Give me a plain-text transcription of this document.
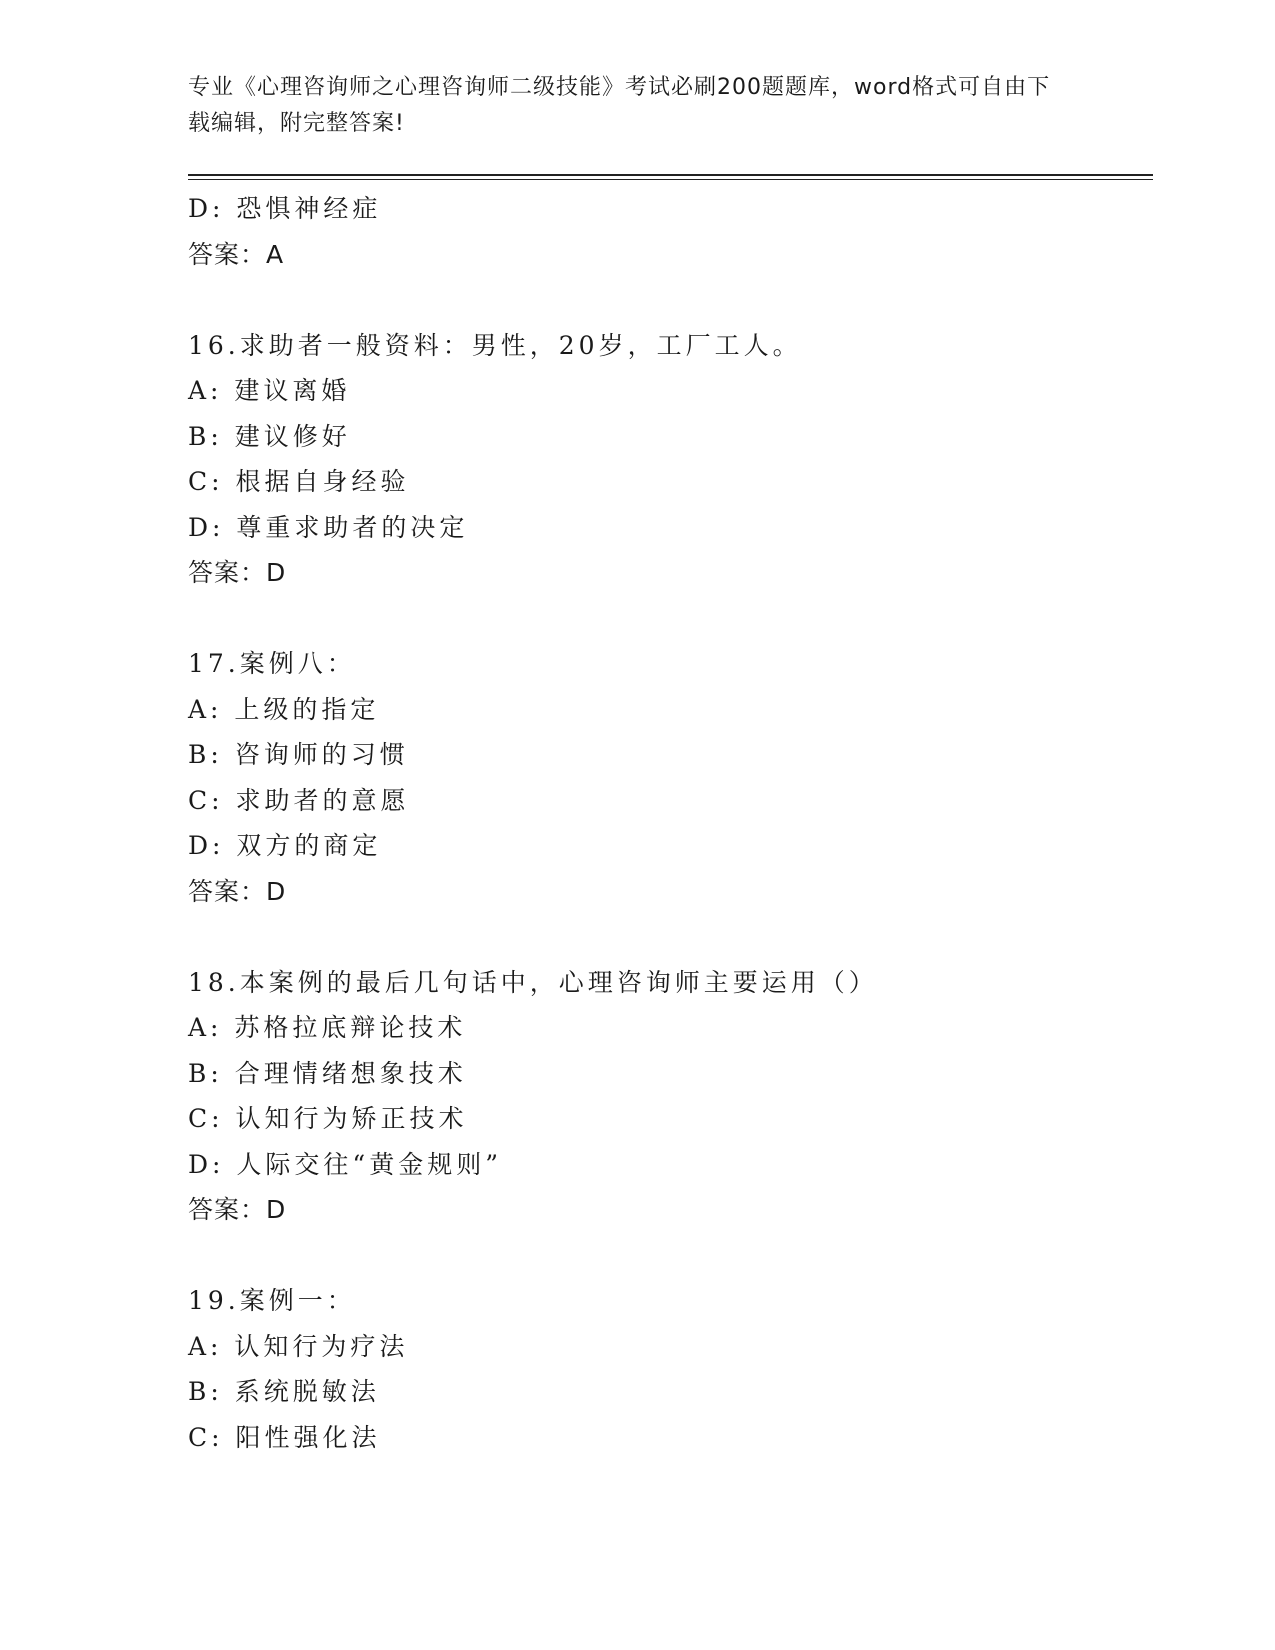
专业《心理咨询师之心理咨询师二级技能》考试必刷200题题库，word格式可自由下载编辑，附完整答案!

D: 恐惧神经症
答案：A
16.求助者一般资料：男性，20岁，工厂工人。
A: 建议离婚
B: 建议修好
C: 根据自身经验
D: 尊重求助者的决定
答案：D
17.案例八：
A: 上级的指定
B: 咨询师的习惯
C: 求助者的意愿
D: 双方的商定
答案：D
18.本案例的最后几句话中，心理咨询师主要运用（）
A: 苏格拉底辩论技术
B: 合理情绪想象技术
C: 认知行为矫正技术
D: 人际交往“黄金规则”
答案：D
19.案例一：
A: 认知行为疗法
B: 系统脱敏法
C: 阳性强化法
